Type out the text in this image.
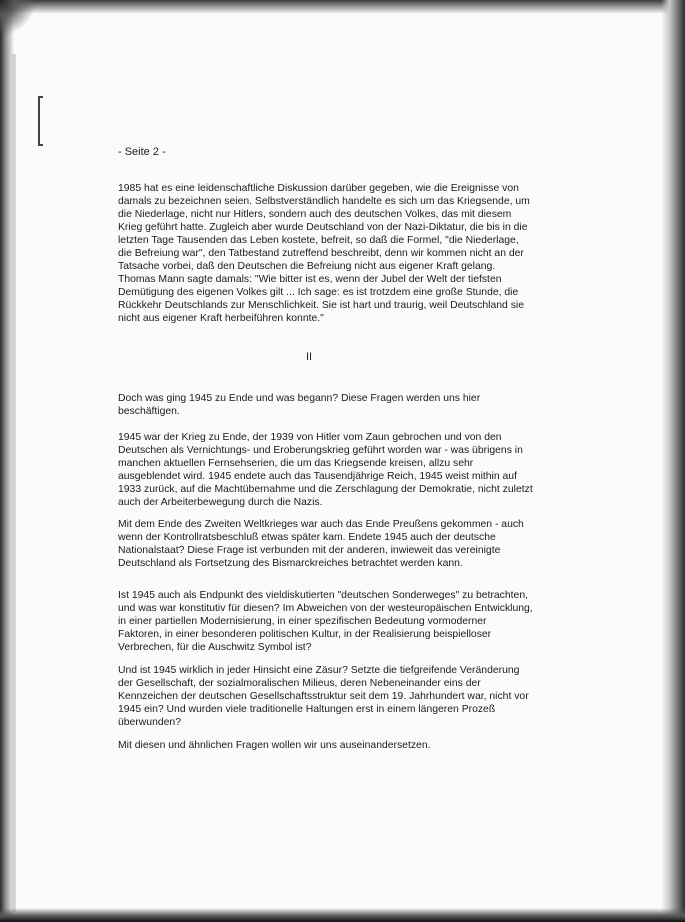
- Seite 2 -

1985 hat es eine leidenschaftliche Diskussion darüber gegeben, wie die Ereignisse von damals zu bezeichnen seien. Selbstverständlich handelte es sich um das Kriegsende, um die Niederlage, nicht nur Hitlers, sondern auch des deutschen Volkes, das mit diesem Krieg geführt hatte. Zugleich aber wurde Deutschland von der Nazi-Diktatur, die bis in die letzten Tage Tausenden das Leben kostete, befreit, so daß die Formel, "die Niederlage, die Befreiung war", den Tatbestand zutreffend beschreibt, denn wir kommen nicht an der Tatsache vorbei, daß den Deutschen die Befreiung nicht aus eigener Kraft gelang. Thomas Mann sagte damals: "Wie bitter ist es, wenn der Jubel der Welt der tiefsten Demütigung des eigenen Volkes gilt ... Ich sage: es ist trotzdem eine große Stunde, die Rückkehr Deutschlands zur Menschlichkeit. Sie ist hart und traurig, weil Deutschland sie nicht aus eigener Kraft herbeiführen konnte."

II

Doch was ging 1945 zu Ende und was begann? Diese Fragen werden uns hier beschäftigen.

1945 war der Krieg zu Ende, der 1939 von Hitler vom Zaun gebrochen und von den Deutschen als Vernichtungs- und Eroberungskrieg geführt worden war - was übrigens in manchen aktuellen Fernsehserien, die um das Kriegsende kreisen, allzu sehr ausgeblendet wird. 1945 endete auch das Tausendjährige Reich, 1945 weist mithin auf 1933 zurück, auf die Machtübernahme und die Zerschlagung der Demokratie, nicht zuletzt auch der Arbeiterbewegung durch die Nazis.

Mit dem Ende des Zweiten Weltkrieges war auch das Ende Preußens gekommen - auch wenn der Kontrollratsbeschluß etwas später kam. Endete 1945 auch der deutsche Nationalstaat? Diese Frage ist verbunden mit der anderen, inwieweit das vereinigte Deutschland als Fortsetzung des Bismarckreiches betrachtet werden kann.

Ist 1945 auch als Endpunkt des vieldiskutierten "deutschen Sonderweges" zu betrachten, und was war konstitutiv für diesen? Im Abweichen von der westeuropäischen Entwicklung, in einer partiellen Modernisierung, in einer spezifischen Bedeutung vormoderner Faktoren, in einer besonderen politischen Kultur, in der Realisierung beispielloser Verbrechen, für die Auschwitz Symbol ist?

Und ist 1945 wirklich in jeder Hinsicht eine Zäsur? Setzte die tiefgreifende Veränderung der Gesellschaft, der sozialmoralischen Milieus, deren Nebeneinander eins der Kennzeichen der deutschen Gesellschaftsstruktur seit dem 19. Jahrhundert war, nicht vor 1945 ein? Und wurden viele traditionelle Haltungen erst in einem längeren Prozeß überwunden?

Mit diesen und ähnlichen Fragen wollen wir uns auseinandersetzen.
